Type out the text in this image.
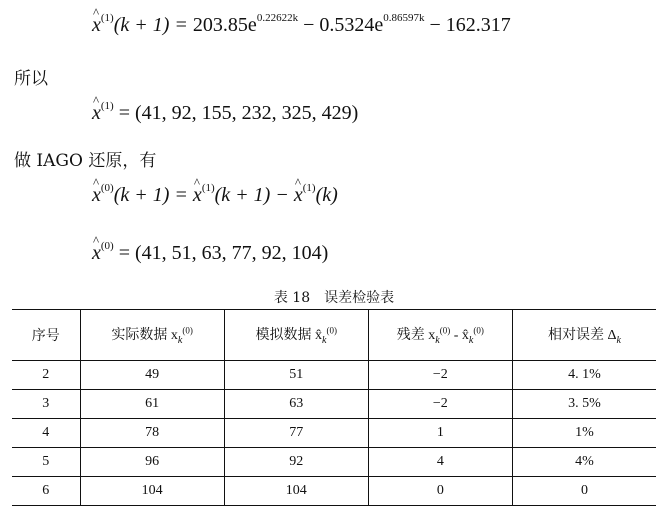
^ $x^{(1)}(k + 1) = 203.85e^{0.22622k} - 0.5324e^{0.86597k} - 162.317$
所以
^ $x^{(1)} = (41$, 92, 155, 232, 325, 429)
做 IAGO 还原，有
^ $x^{(0)}(k + 1)$ = ^ $x^{(1)}(k + 1)$ − ^ $x^{(1)}(k)$
^ $x^{(0)} = (41$, 51, 63, 77, 92, 104)
表 18　误差检验表
序号	实际数据 $x_k^{(0)}$	模拟数据 $x̂_k^{(0)}$	残差 $x_k^{(0)}$ - $x̂_k^{(0)}$	相对误差 $\Delta_k$
2	49	51	−2	4. 1%
3	61	63	−2	3. 5%
4	78	77	1	1%
5	96	92	4	4%
6	104	104	0	0
